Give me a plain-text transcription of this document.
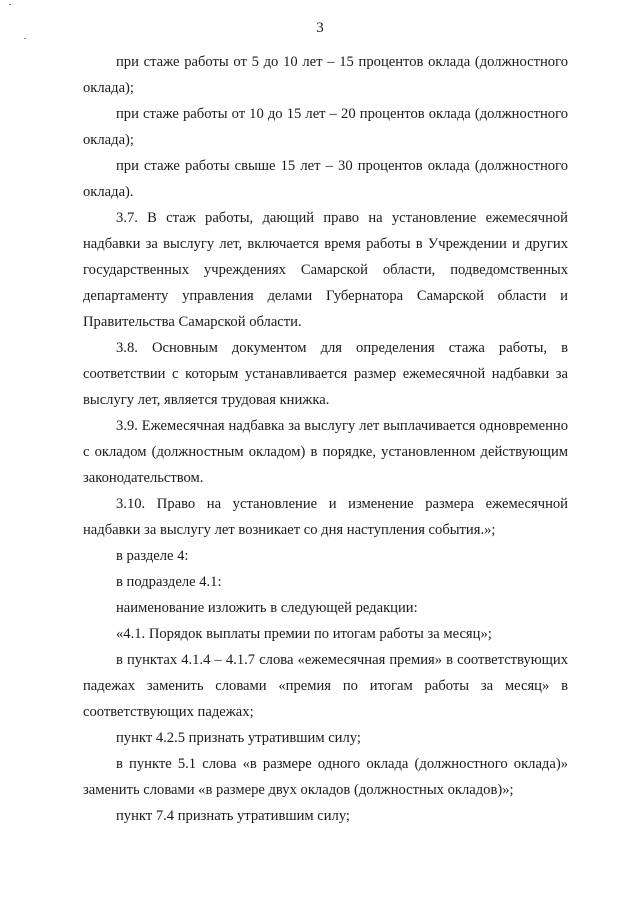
3

при стаже работы от 5 до 10 лет – 15 процентов оклада (должностного оклада);

при стаже работы от 10 до 15 лет – 20 процентов оклада (должностного оклада);

при стаже работы свыше 15 лет – 30 процентов оклада (должностного оклада).

3.7. В стаж работы, дающий право на установление ежемесячной надбавки за выслугу лет, включается время работы в Учреждении и других государственных учреждениях Самарской области, подведомственных департаменту управления делами Губернатора Самарской области и Правительства Самарской области.

3.8. Основным документом для определения стажа работы, в соответствии с которым устанавливается размер ежемесячной надбавки за выслугу лет, является трудовая книжка.

3.9. Ежемесячная надбавка за выслугу лет выплачивается одновременно с окладом (должностным окладом) в порядке, установленном действующим законодательством.

3.10. Право на установление и изменение размера ежемесячной надбавки за выслугу лет возникает со дня наступления события.»;

в разделе 4:

в подразделе 4.1:

наименование изложить в следующей редакции:

«4.1. Порядок выплаты премии по итогам работы за месяц»;

в пунктах 4.1.4 – 4.1.7 слова «ежемесячная премия» в соответствующих падежах заменить словами «премия по итогам работы за месяц» в соответствующих падежах;

пункт 4.2.5 признать утратившим силу;

в пункте 5.1 слова «в размере одного оклада (должностного оклада)» заменить словами «в размере двух окладов (должностных окладов)»;

пункт 7.4 признать утратившим силу;
